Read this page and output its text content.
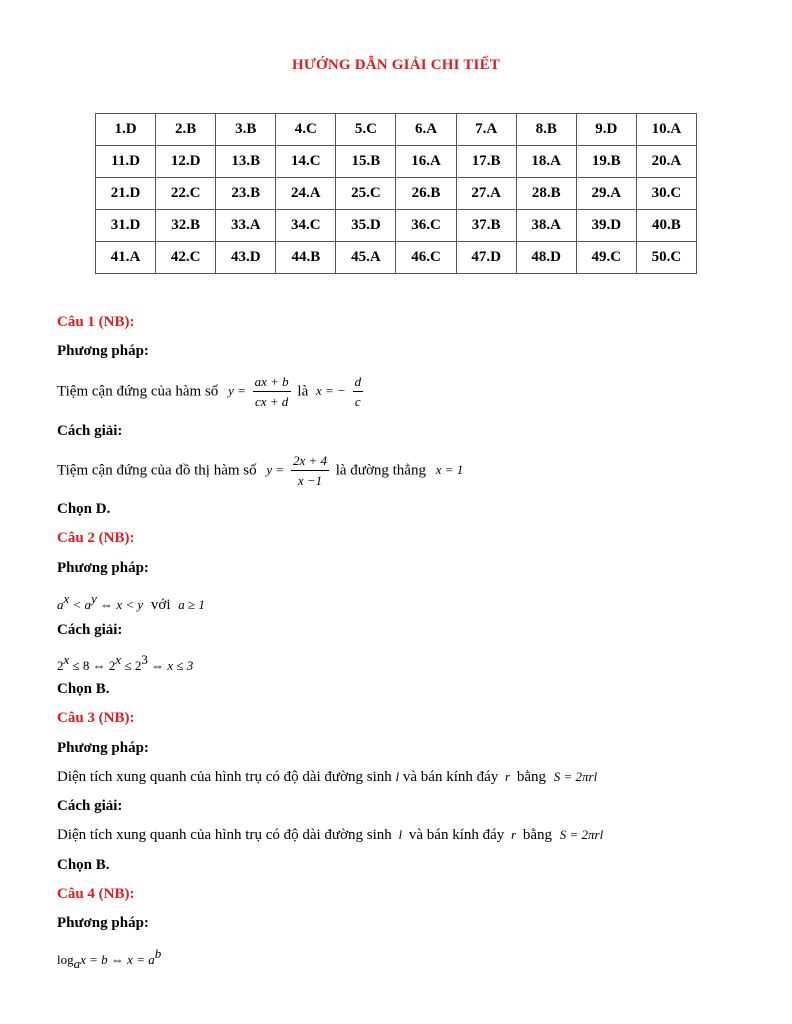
HƯỚNG DẪN GIẢI CHI TIẾT
1.D	2.B	3.B	4.C	5.C	6.A	7.A	8.B	9.D	10.A
11.D	12.D	13.B	14.C	15.B	16.A	17.B	18.A	19.B	20.A
21.D	22.C	23.B	24.A	25.C	26.B	27.A	28.B	29.A	30.C
31.D	32.B	33.A	34.C	35.D	36.C	37.B	38.A	39.D	40.B
41.A	42.C	43.D	44.B	45.A	46.C	47.D	48.D	49.C	50.C
Câu 1 (NB):
Phương pháp:
Tiệm cận đứng của hàm số $y = \frac{ax + b}{cx + d}$ là x = − $\frac{d}{c}$
Cách giải:
Tiệm cận đứng của đồ thị hàm số $y = \frac{2x + 4}{x -1}$ là đường thẳng x = 1
Chọn D.
Câu 2 (NB):
Phương pháp:
$a^x < a^y$ ⇔ x < y với a ≥ 1
Cách giải:
$2^x \le 8$ ⇔ $2^x \le 2^3$ ⇔ x ≤ 3
Chọn B.
Câu 3 (NB):
Phương pháp:
Diện tích xung quanh của hình trụ có độ dài đường sinh l và bán kính đáy r bằng S = 2πrl
Cách giải:
Diện tích xung quanh của hình trụ có độ dài đường sinh l và bán kính đáy r bằng S = 2πrl
Chọn B.
Câu 4 (NB):
Phương pháp:
$\log_ax = b$ ⇔ $x = a^b$
